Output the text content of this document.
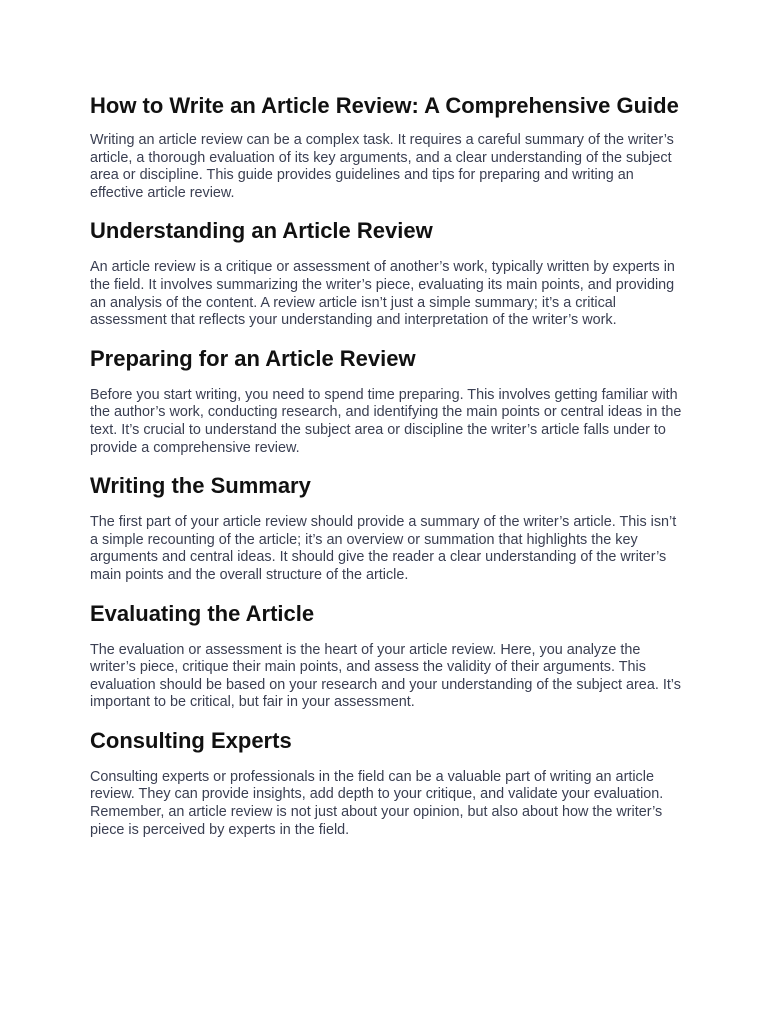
How to Write an Article Review: A Comprehensive Guide

Writing an article review can be a complex task. It requires a careful summary of the writer’s article, a thorough evaluation of its key arguments, and a clear understanding of the subject area or discipline. This guide provides guidelines and tips for preparing and writing an effective article review.

Understanding an Article Review

An article review is a critique or assessment of another’s work, typically written by experts in the field. It involves summarizing the writer’s piece, evaluating its main points, and providing an analysis of the content. A review article isn’t just a simple summary; it’s a critical assessment that reflects your understanding and interpretation of the writer’s work.

Preparing for an Article Review

Before you start writing, you need to spend time preparing. This involves getting familiar with the author’s work, conducting research, and identifying the main points or central ideas in the text. It’s crucial to understand the subject area or discipline the writer’s article falls under to provide a comprehensive review.

Writing the Summary

The first part of your article review should provide a summary of the writer’s article. This isn’t a simple recounting of the article; it’s an overview or summation that highlights the key arguments and central ideas. It should give the reader a clear understanding of the writer’s main points and the overall structure of the article.

Evaluating the Article

The evaluation or assessment is the heart of your article review. Here, you analyze the writer’s piece, critique their main points, and assess the validity of their arguments. This evaluation should be based on your research and your understanding of the subject area. It’s important to be critical, but fair in your assessment.

Consulting Experts

Consulting experts or professionals in the field can be a valuable part of writing an article review. They can provide insights, add depth to your critique, and validate your evaluation. Remember, an article review is not just about your opinion, but also about how the writer’s piece is perceived by experts in the field.
